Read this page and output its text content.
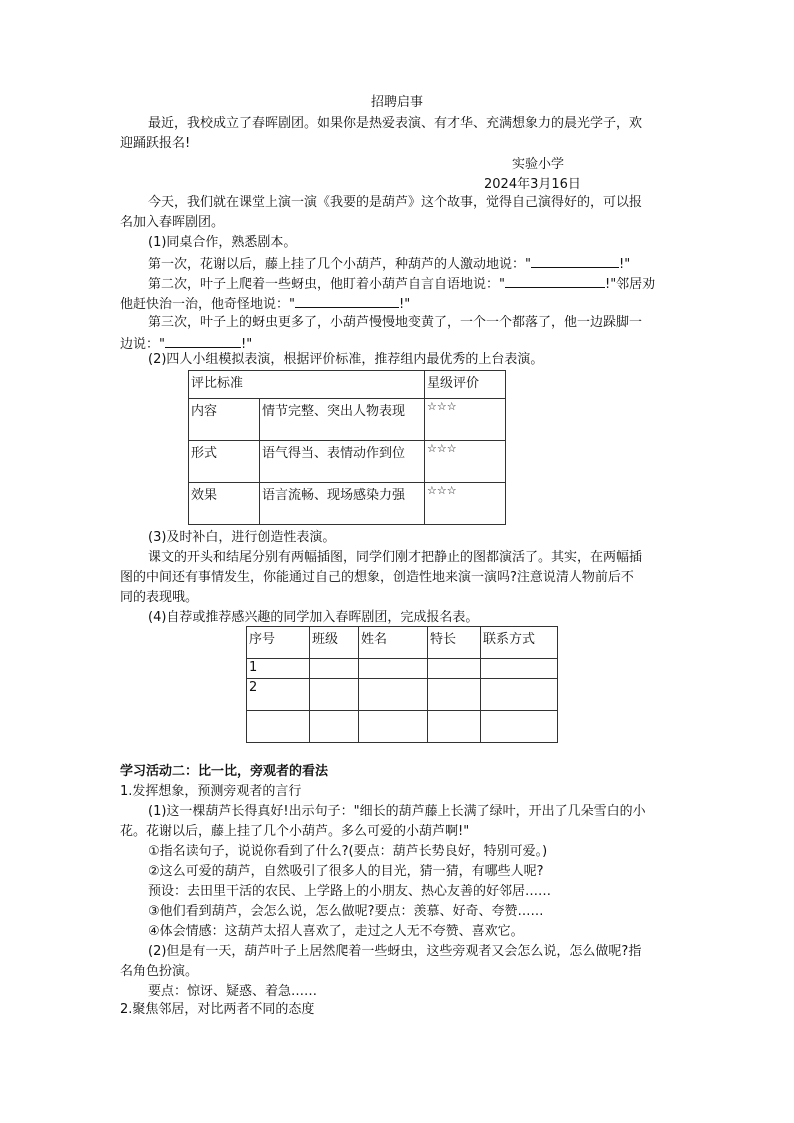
招聘启事
最近，我校成立了春晖剧团。如果你是热爱表演、有才华、充满想象力的晨光学子，欢
迎踊跃报名!
实验小学
2024年3月16日
今天，我们就在课堂上演一演《我要的是葫芦》这个故事，觉得自己演得好的，可以报
名加入春晖剧团。
(1)同桌合作，熟悉剧本。
第一次，花谢以后，藤上挂了几个小葫芦，种葫芦的人激动地说："	!"
第二次，叶子上爬着一些蚜虫，他盯着小葫芦自言自语地说："	!"邻居劝
他赶快治一治，他奇怪地说："	!"
第三次，叶子上的蚜虫更多了，小葫芦慢慢地变黄了，一个一个都落了，他一边跺脚一
边说："	!"
(2)四人小组模拟表演，根据评价标准，推荐组内最优秀的上台表演。
评比标准		星级评价
内容	情节完整、突出人物表现	☆☆☆
形式	语气得当、表情动作到位	☆☆☆
效果	语言流畅、现场感染力强	☆☆☆
(3)及时补白，进行创造性表演。
课文的开头和结尾分别有两幅插图，同学们刚才把静止的图都演活了。其实，在两幅插
图的中间还有事情发生，你能通过自己的想象，创造性地来演一演吗?注意说清人物前后不
同的表现哦。
(4)自荐或推荐感兴趣的同学加入春晖剧团，完成报名表。
序号	班级	姓名	特长	联系方式
1				
2				

学习活动二：比一比，旁观者的看法
1.发挥想象，预测旁观者的言行
(1)这一棵葫芦长得真好!出示句子："细长的葫芦藤上长满了绿叶，开出了几朵雪白的小
花。花谢以后，藤上挂了几个小葫芦。多么可爱的小葫芦啊!"
①指名读句子，说说你看到了什么?(要点：葫芦长势良好，特别可爱。)
②这么可爱的葫芦，自然吸引了很多人的目光，猜一猜，有哪些人呢?
预设：去田里干活的农民、上学路上的小朋友、热心友善的好邻居……
③他们看到葫芦，会怎么说，怎么做呢?要点：羡慕、好奇、夸赞……
④体会情感：这葫芦太招人喜欢了，走过之人无不夸赞、喜欢它。
(2)但是有一天，葫芦叶子上居然爬着一些蚜虫，这些旁观者又会怎么说，怎么做呢?指
名角色扮演。
要点：惊讶、疑惑、着急……
2.聚焦邻居，对比两者不同的态度
